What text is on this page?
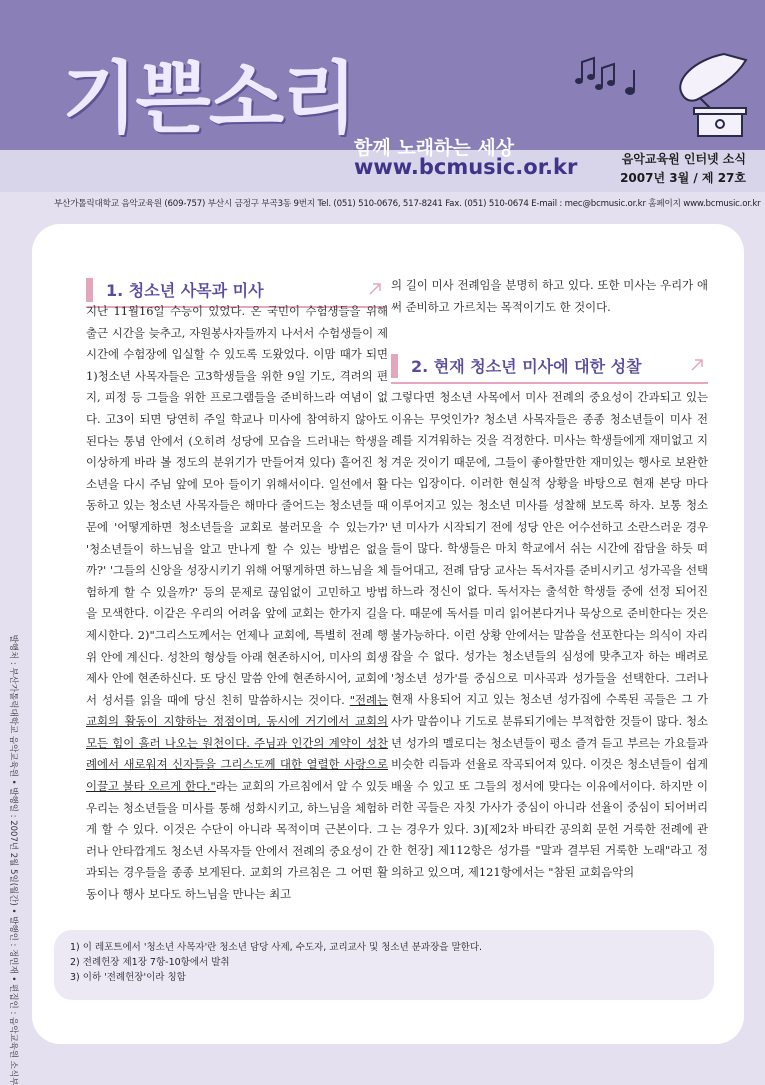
기쁜소리
함께 노래하는 세상
www.bcmusic.or.kr	음악교육원 인터넷 소식
2007년 3월 / 제 27호
부산가톨릭대학교 음악교육원 (609-757) 부산시 금정구 부곡3동 9번지 Tel. (051) 510-0676, 517-8241 Fax. (051) 510-0674 E-mail : mec@bcmusic.or.kr 홈페이지 www.bcmusic.or.kr
발행처 : 부산가톨릭대학교 음악교육원 • 발행일 : 2007년 2월 5일(월간) • 발행인 : 정민재 • 편집인 : 음악교육원 소식부
1. 청소년 사목과 미사

지난 11월16일 수능이 있었다. 온 국민이 수험생들을 위해 출근 시간을 늦추고, 자원봉사자들까지 나서서 수험생들이 제시간에 수험장에 입실할 수 있도록 도왔었다. 이맘 때가 되면 1)청소년 사목자들은 고3학생들을 위한 9일 기도, 격려의 편지, 피정 등 그들을 위한 프로그램들을 준비하느라 여념이 없다. 고3이 되면 당연히 주일 학교나 미사에 참여하지 않아도 된다는 통념 안에서 (오히려 성당에 모습을 드러내는 학생을 이상하게 바라 볼 정도의 분위기가 만들어져 있다) 흩어진 청소년을 다시 주님 앞에 모아 들이기 위해서이다. 일선에서 활동하고 있는 청소년 사목자들은 해마다 줄어드는 청소년들 때문에 '어떻게하면 청소년들을 교회로 불러모을 수 있는가?' '청소년들이 하느님을 알고 만나게 할 수 있는 방법은 없을까?' '그들의 신앙을 성장시키기 위해 어떻게하면 하느님을 체험하게 할 수 있을까?' 등의 문제로 끊임없이 고민하고 방법을 모색한다. 이같은 우리의 어려움 앞에 교회는 한가지 길을 제시한다. 2)"그리스도께서는 언제나 교회에, 특별히 전례 행위 안에 계신다. 성찬의 형상들 아래 현존하시어, 미사의 희생 제사 안에 현존하신다. 또 당신 말씀 안에 현존하시어, 교회에서 성서를 읽을 때에 당신 친히 말씀하시는 것이다. "전례는 교회의 활동이 지향하는 정점이며, 동시에 거기에서 교회의 모든 힘이 흘러 나오는 원천이다. 주님과 인간의 계약이 성찬례에서 새로워져 신자들을 그리스도께 대한 열렬한 사랑으로 이끌고 불타 오르게 한다."라는 교회의 가르침에서 알 수 있듯 우리는 청소년들을 미사를 통해 성화시키고, 하느님을 체험하게 할 수 있다. 이것은 수단이 아니라 목적이며 근본이다. 그러나 안타깝게도 청소년 사목자들 안에서 전례의 중요성이 간과되는 경우들을 종종 보게된다. 교회의 가르침은 그 어떤 활동이나 행사 보다도 하느님을 만나는 최고

의 길이 미사 전례임을 분명히 하고 있다. 또한 미사는 우리가 애써 준비하고 가르치는 목적이기도 한 것이다.

2. 현재 청소년 미사에 대한 성찰

그렇다면 청소년 사목에서 미사 전례의 중요성이 간과되고 있는 이유는 무엇인가? 청소년 사목자들은 종종 청소년들이 미사 전례를 지겨워하는 것을 걱정한다. 미사는 학생들에게 재미없고 지겨운 것이기 때문에, 그들이 좋아할만한 재미있는 행사로 보완한다는 입장이다. 이러한 현실적 상황을 바탕으로 현재 본당 마다 이루어지고 있는 청소년 미사를 성찰해 보도록 하자. 보통 청소년 미사가 시작되기 전에 성당 안은 어수선하고 소란스러운 경우들이 많다. 학생들은 마치 학교에서 쉬는 시간에 잡담을 하듯 떠들어대고, 전례 담당 교사는 독서자를 준비시키고 성가곡을 선택하느라 정신이 없다. 독서자는 출석한 학생들 중에 선정 되어진다. 때문에 독서를 미리 읽어본다거나 묵상으로 준비한다는 것은 불가능하다. 이런 상황 안에서는 말씀을 선포한다는 의식이 자리 잡을 수 없다. 성가는 청소년들의 심성에 맞추고자 하는 배려로 '청소년 성가'를 중심으로 미사곡과 성가들을 선택한다. 그러나 현재 사용되어 지고 있는 청소년 성가집에 수록된 곡들은 그 가사가 말씀이나 기도로 분류되기에는 부적합한 것들이 많다. 청소년 성가의 멜로디는 청소년들이 평소 즐겨 듣고 부르는 가요들과 비슷한 리듬과 선율로 작곡되어져 있다. 이것은 청소년들이 쉽게 배울 수 있고 또 그들의 정서에 맞다는 이유에서이다. 하지만 이러한 곡들은 자칫 가사가 중심이 아니라 선율이 중심이 되어버리는 경우가 있다. 3)[제2차 바티칸 공의회 문헌 거룩한 전례에 관한 헌장] 제112항은 성가를 "말과 결부된 거룩한 노래"라고 정의하고 있으며, 제121항에서는 "참된 교회음악의

1) 이 레포트에서 '청소년 사목자'란 청소년 담당 사제, 수도자, 교리교사 및 청소년 분과장을 말한다.

2) 전례헌장 제1장 7항-10항에서 발취

3) 이하 '전례헌장'이라 칭함
